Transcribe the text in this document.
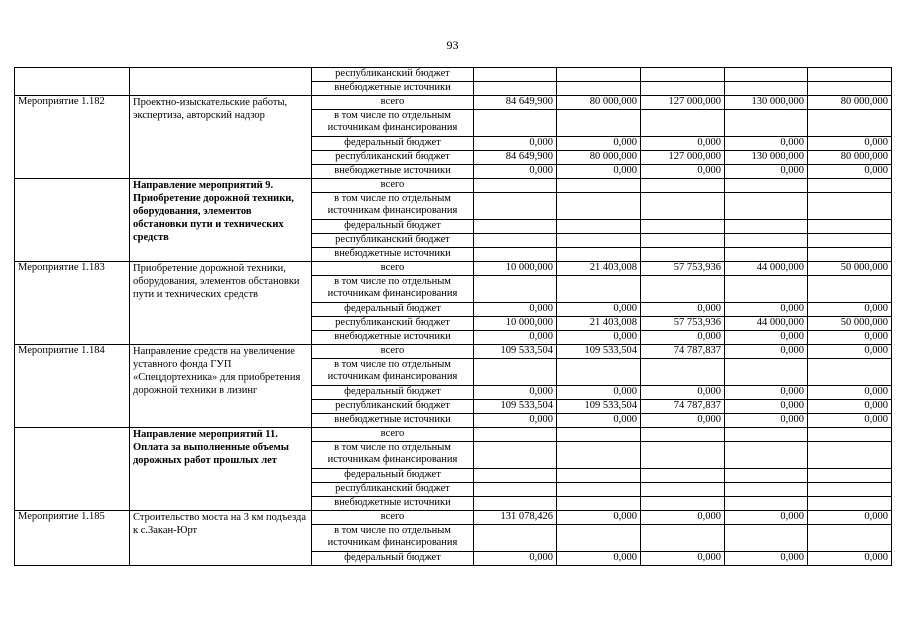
93
		республиканский бюджет					
		внебюджетные источники					
Мероприятие 1.182	Проектно-изыскательские работы, экспертиза, авторский надзор	всего	84 649,900	80 000,000	127 000,000	130 000,000	80 000,000
		в том числе по отдельным источникам финансирования					
		федеральный бюджет	0,000	0,000	0,000	0,000	0,000
		республиканский бюджет	84 649,900	80 000,000	127 000,000	130 000,000	80 000,000
		внебюджетные источники	0,000	0,000	0,000	0,000	0,000
	Направление мероприятий 9. Приобретение дорожной техники, оборудования, элементов обстановки пути и технических средств	всего					
		в том числе по отдельным источникам финансирования					
		федеральный бюджет					
		республиканский бюджет					
		внебюджетные источники					
Мероприятие 1.183	Приобретение дорожной техники, оборудования, элементов обстановки пути и технических средств	всего	10 000,000	21 403,008	57 753,936	44 000,000	50 000,000
		в том числе по отдельным источникам финансирования					
		федеральный бюджет	0,000	0,000	0,000	0,000	0,000
		республиканский бюджет	10 000,000	21 403,008	57 753,936	44 000,000	50 000,000
		внебюджетные источники	0,000	0,000	0,000	0,000	0,000
Мероприятие 1.184	Направление средств на увеличение уставного фонда ГУП «Спецдортехника» для приобретения дорожной техники в лизинг	всего	109 533,504	109 533,504	74 787,837	0,000	0,000
		в том числе по отдельным источникам финансирования					
		федеральный бюджет	0,000	0,000	0,000	0,000	0,000
		республиканский бюджет	109 533,504	109 533,504	74 787,837	0,000	0,000
		внебюджетные источники	0,000	0,000	0,000	0,000	0,000
	Направление мероприятий 11. Оплата за выполненные объемы дорожных работ прошлых лет	всего					
		в том числе по отдельным источникам финансирования					
		федеральный бюджет					
		республиканский бюджет					
		внебюджетные источники					
Мероприятие 1.185	Строительство моста на 3 км подъезда к с.Закан-Юрт	всего	131 078,426	0,000	0,000	0,000	0,000
		в том числе по отдельным источникам финансирования					
		федеральный бюджет	0,000	0,000	0,000	0,000	0,000
